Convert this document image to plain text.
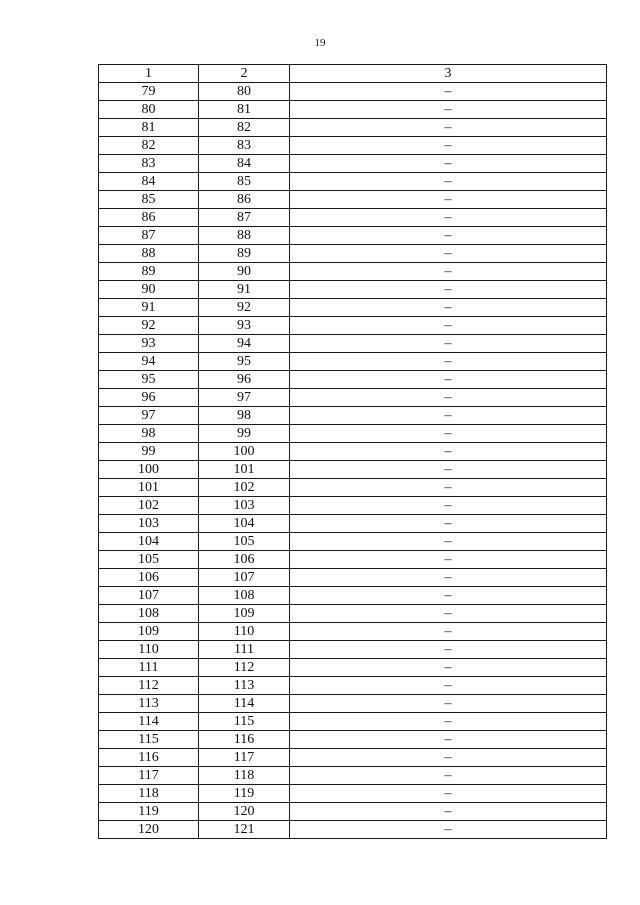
19
1	2	3
79	80	–
80	81	–
81	82	–
82	83	–
83	84	–
84	85	–
85	86	–
86	87	–
87	88	–
88	89	–
89	90	–
90	91	–
91	92	–
92	93	–
93	94	–
94	95	–
95	96	–
96	97	–
97	98	–
98	99	–
99	100	–
100	101	–
101	102	–
102	103	–
103	104	–
104	105	–
105	106	–
106	107	–
107	108	–
108	109	–
109	110	–
110	111	–
111	112	–
112	113	–
113	114	–
114	115	–
115	116	–
116	117	–
117	118	–
118	119	–
119	120	–
120	121	–
